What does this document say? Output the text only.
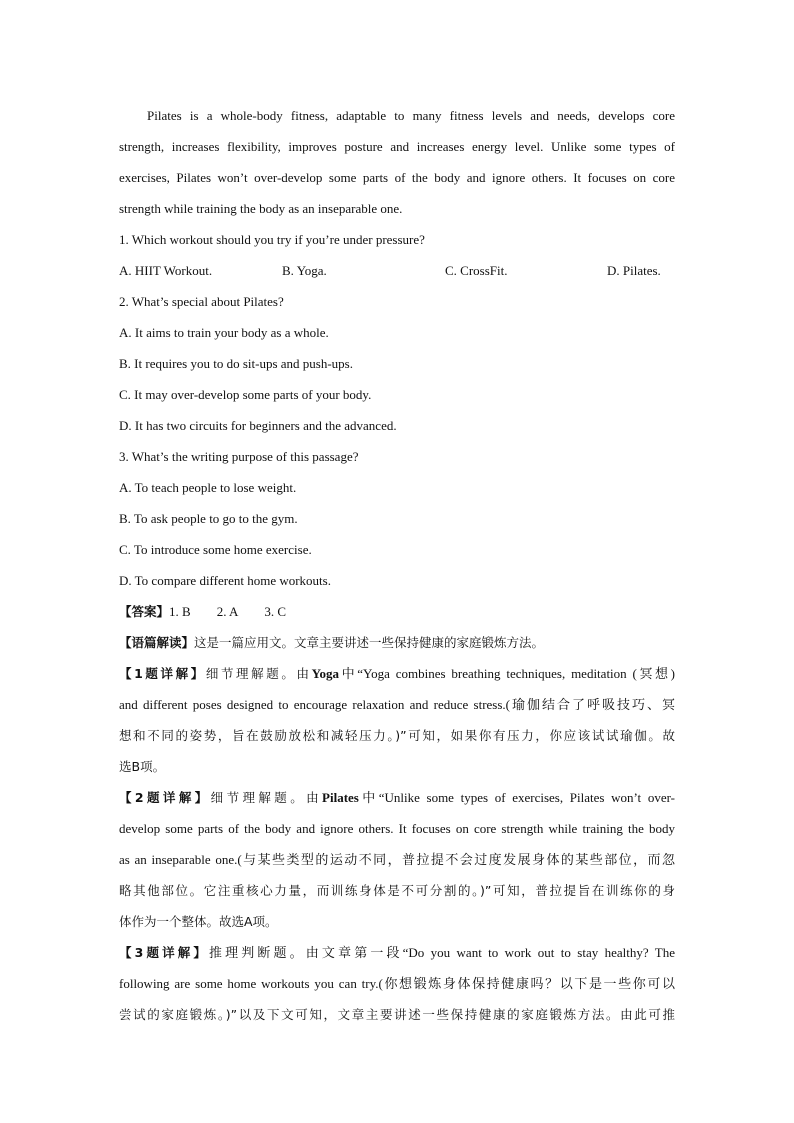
Pilates is a whole-body fitness, adaptable to many fitness levels and needs, develops core
strength, increases flexibility, improves posture and increases energy level. Unlike some types of
exercises, Pilates won’t over-develop some parts of the body and ignore others. It focuses on core
strength while training the body as an inseparable one.
1. Which workout should you try if you’re under pressure?
A. HIIT Workout.	B. Yoga.	C. CrossFit.	D. Pilates.
2. What’s special about Pilates?
A. It aims to train your body as a whole.
B. It requires you to do sit-ups and push-ups.
C. It may over-develop some parts of your body.
D. It has two circuits for beginners and the advanced.
3. What’s the writing purpose of this passage?
A. To teach people to lose weight.
B. To ask people to go to the gym.
C. To introduce some home exercise.
D. To compare different home workouts.
【答案】1. B 2. A 3. C
【语篇解读】这是一篇应用文。文章主要讲述一些保持健康的家庭锻炼方法。
【1题详解】细节理解题。由Yoga中“Yoga combines breathing techniques, meditation (冥想)
and different poses designed to encourage relaxation and reduce stress.(瑜伽结合了呼吸技巧、冥
想和不同的姿势，旨在鼓励放松和减轻压力。)”可知，如果你有压力，你应该试试瑜伽。故
选B项。
【2题详解】细节理解题。由Pilates中“Unlike some types of exercises, Pilates won’t over-
develop some parts of the body and ignore others. It focuses on core strength while training the body
as an inseparable one.(与某些类型的运动不同，普拉提不会过度发展身体的某些部位，而忽
略其他部位。它注重核心力量，而训练身体是不可分割的。)”可知，普拉提旨在训练你的身
体作为一个整体。故选A项。
【3题详解】推理判断题。由文章第一段“Do you want to work out to stay healthy? The
following are some home workouts you can try.(你想锻炼身体保持健康吗？以下是一些你可以
尝试的家庭锻炼。)”以及下文可知，文章主要讲述一些保持健康的家庭锻炼方法。由此可推
